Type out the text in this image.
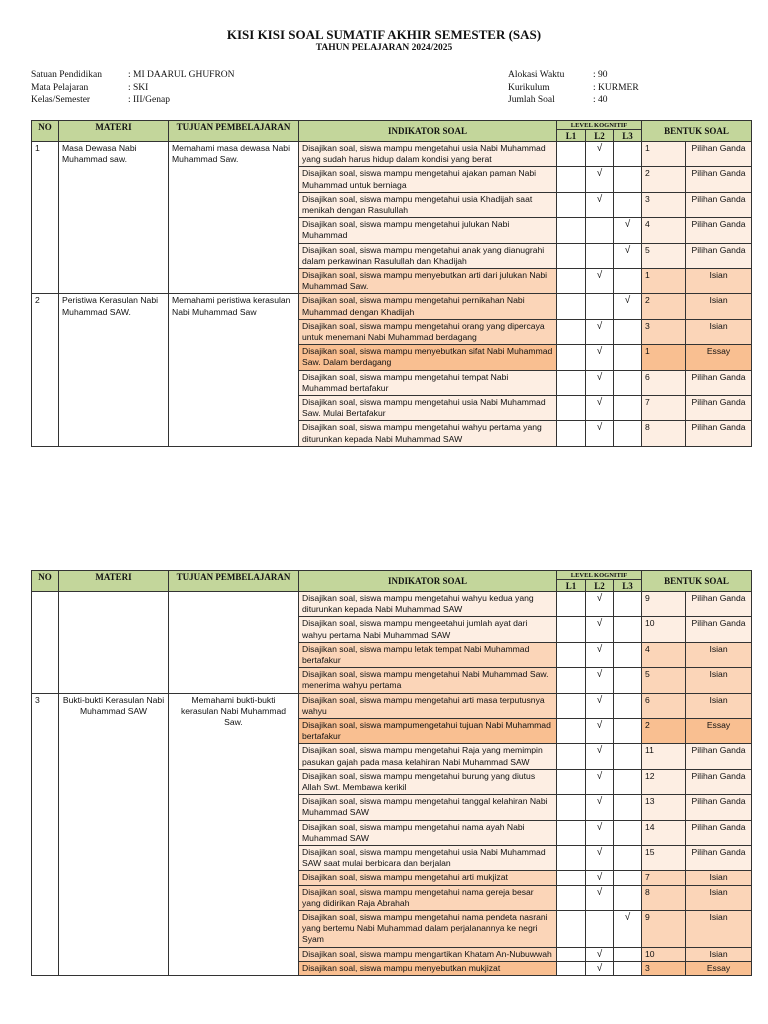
KISI KISI SOAL SUMATIF AKHIR SEMESTER (SAS)
TAHUN PELAJARAN 2024/2025
Satuan Pendidikan	: MI DAARUL GHUFRON
Mata Pelajaran	: SKI
Kelas/Semester	: III/Genap
Alokasi Waktu	: 90
Kurikulum	: KURMER
Jumlah Soal	: 40
NO	MATERI	TUJUAN PEMBELAJARAN	INDIKATOR SOAL	LEVEL KOGNITIF			BENTUK SOAL	
				L1	L2	L3		
1	Masa Dewasa Nabi Muhammad saw.	Memahami masa dewasa Nabi Muhammad Saw.	Disajikan soal, siswa mampu mengetahui usia Nabi Muhammad yang sudah harus hidup dalam kondisi yang berat		√		1	Pilihan Ganda
			Disajikan soal, siswa mampu mengetahui ajakan paman Nabi Muhammad untuk berniaga		√		2	Pilihan Ganda
			Disajikan soal, siswa mampu mengetahui usia Khadijah saat menikah dengan Rasulullah		√		3	Pilihan Ganda
			Disajikan soal, siswa mampu mengetahui julukan Nabi Muhammad			√	4	Pilihan Ganda
			Disajikan soal, siswa mampu mengetahui anak yang dianugrahi dalam perkawinan Rasulullah dan Khadijah			√	5	Pilihan Ganda
			Disajikan soal, siswa mampu menyebutkan arti dari julukan Nabi Muhammad Saw.		√		1	Isian
2	Peristiwa Kerasulan Nabi Muhammad SAW.	Memahami peristiwa kerasulan Nabi Muhammad Saw	Disajikan soal, siswa mampu mengetahui pernikahan Nabi Muhammad dengan Khadijah			√	2	Isian
			Disajikan soal, siswa mampu mengetahui orang yang dipercaya untuk menemani Nabi Muhammad berdagang		√		3	Isian
			Disajikan soal, siswa mampu menyebutkan sifat Nabi Muhammad Saw. Dalam berdagang		√		1	Essay
			Disajikan soal, siswa mampu mengetahui tempat Nabi Muhammad bertafakur		√		6	Pilihan Ganda
			Disajikan soal, siswa mampu mengetahui usia Nabi Muhammad Saw. Mulai Bertafakur		√		7	Pilihan Ganda
			Disajikan soal, siswa mampu mengetahui wahyu pertama yang diturunkan kepada Nabi Muhammad SAW		√		8	Pilihan Ganda
NO	MATERI	TUJUAN PEMBELAJARAN	INDIKATOR SOAL	LEVEL KOGNITIF			BENTUK SOAL	
				L1	L2	L3		
			Disajikan soal, siswa mampu mengetahui wahyu kedua yang diturunkan kepada Nabi Muhammad SAW		√		9	Pilihan Ganda
			Disajikan soal, siswa mampu mengeetahui jumlah ayat dari wahyu pertama Nabi Muhammad SAW		√		10	Pilihan Ganda
			Disajikan soal, siswa mampu letak tempat Nabi Muhammad bertafakur		√		4	Isian
			Disajikan soal, siswa mampu mengetahui Nabi Muhammad Saw. menerima wahyu pertama		√		5	Isian
3	Bukti-bukti Kerasulan Nabi Muhammad SAW	Memahami bukti-bukti kerasulan Nabi Muhammad Saw.	Disajikan soal, siswa mampu mengetahui arti masa terputusnya wahyu		√		6	Isian
			Disajikan soal, siswa mampumengetahui tujuan Nabi Muhammad bertafakur		√		2	Essay
			Disajikan soal, siswa mampu mengetahui Raja yang memimpin pasukan gajah pada masa kelahiran Nabi Muhammad SAW		√		11	Pilihan Ganda
			Disajikan soal, siswa mampu mengetahui burung yang diutus Allah Swt. Membawa kerikil		√		12	Pilihan Ganda
			Disajikan soal, siswa mampu mengetahui tanggal kelahiran Nabi Muhammad SAW		√		13	Pilihan Ganda
			Disajikan soal, siswa mampu mengetahui nama ayah Nabi Muhammad SAW		√		14	Pilihan Ganda
			Disajikan soal, siswa mampu mengetahui usia Nabi Muhammad SAW saat mulai berbicara dan berjalan		√		15	Pilihan Ganda
			Disajikan soal, siswa mampu mengetahui arti mukjizat		√		7	Isian
			Disajikan soal, siswa mampu mengetahui nama gereja besar yang didirikan Raja Abrahah		√		8	Isian
			Disajikan soal, siswa mampu mengetahui nama pendeta nasrani yang bertemu Nabi Muhammad dalam perjalanannya ke negri Syam			√	9	Isian
			Disajikan soal, siswa mampu mengartikan Khatam An-Nubuwwah		√		10	Isian
			Disajikan soal, siswa mampu menyebutkan mukjizat		√		3	Essay
